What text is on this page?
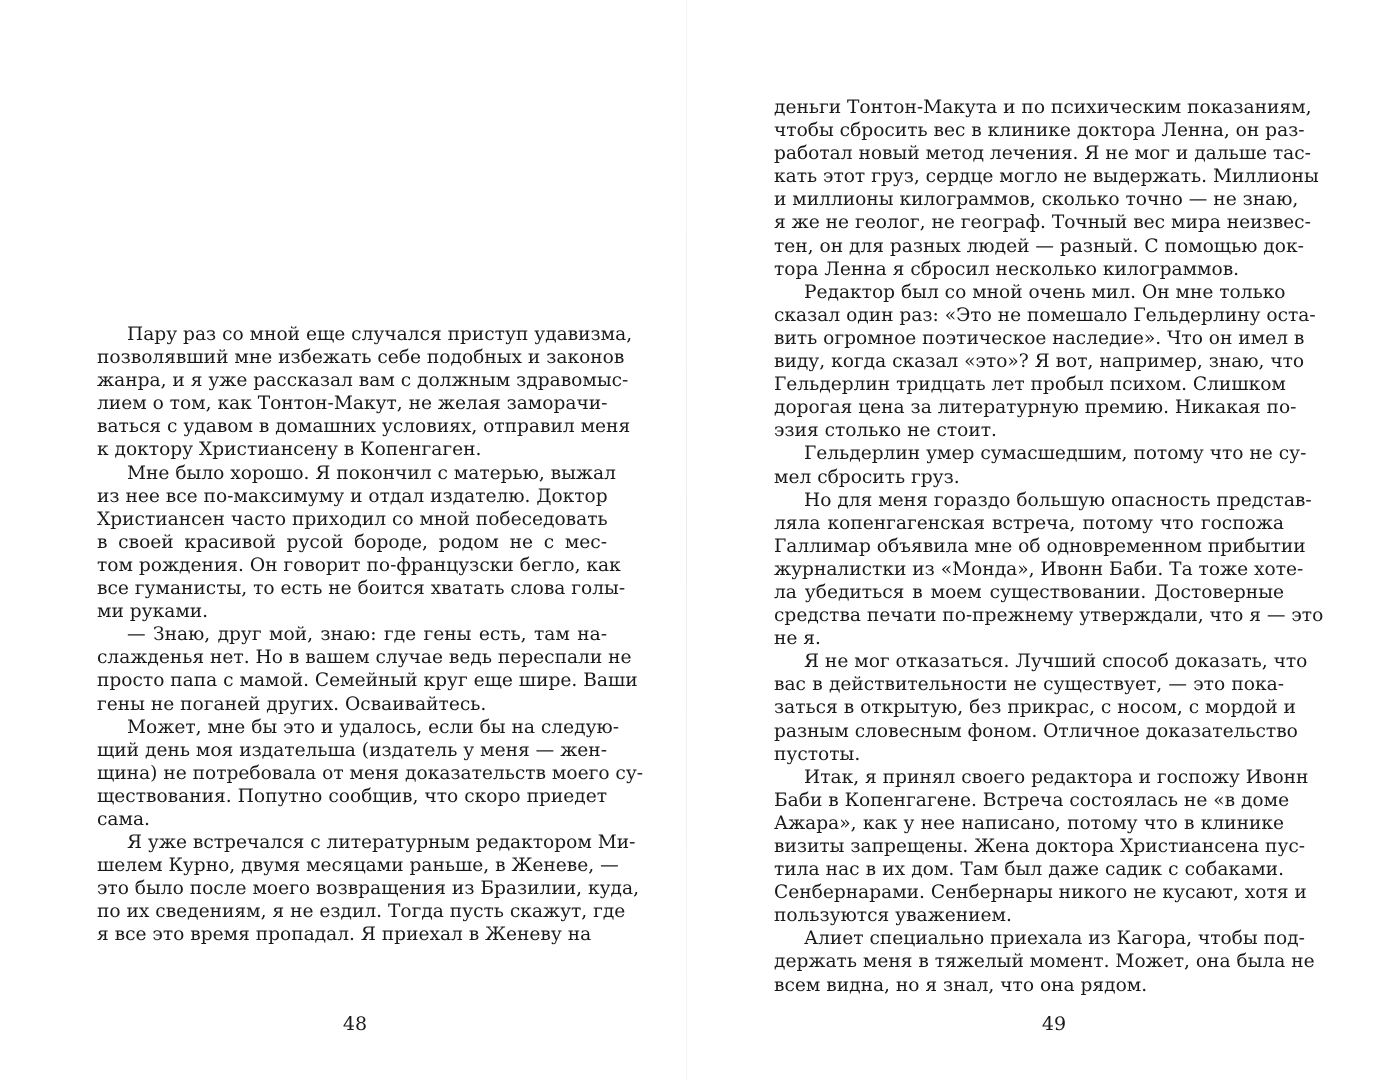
Пару раз со мной еще случался приступ удавизма,
позволявший мне избежать себе подобных и законов
жанра, и я уже рассказал вам с должным здравомыс-
лием о том, как Тонтон-Макут, не желая заморачи-
ваться с удавом в домашних условиях, отправил меня
к доктору Христиансену в Копенгаген.
Мне было хорошо. Я покончил с матерью, выжал
из нее все по-максимуму и отдал издателю. Доктор
Христиансен часто приходил со мной побеседовать
в своей красивой русой бороде, родом не с мес-
том рождения. Он говорит по-французски бегло, как
все гуманисты, то есть не боится хватать слова голы-
ми руками.
— Знаю, друг мой, знаю: где гены есть, там на-
слажденья нет. Но в вашем случае ведь переспали не
просто папа с мамой. Семейный круг еще шире. Ваши
гены не поганей других. Осваивайтесь.
Может, мне бы это и удалось, если бы на следую-
щий день моя издательша (издатель у меня — жен-
щина) не потребовала от меня доказательств моего су-
ществования. Попутно сообщив, что скоро приедет
сама.
Я уже встречался с литературным редактором Ми-
шелем Курно, двумя месяцами раньше, в Женеве, —
это было после моего возвращения из Бразилии, куда,
по их сведениям, я не ездил. Тогда пусть скажут, где
я все это время пропадал. Я приехал в Женеву на
48
деньги Тонтон-Макута и по психическим показаниям,
чтобы сбросить вес в клинике доктора Ленна, он раз-
работал новый метод лечения. Я не мог и дальше тас-
кать этот груз, сердце могло не выдержать. Миллионы
и миллионы килограммов, сколько точно — не знаю,
я же не геолог, не географ. Точный вес мира неизвес-
тен, он для разных людей — разный. С помощью док-
тора Ленна я сбросил несколько килограммов.
Редактор был со мной очень мил. Он мне только
сказал один раз: «Это не помешало Гельдерлину оста-
вить огромное поэтическое наследие». Что он имел в
виду, когда сказал «это»? Я вот, например, знаю, что
Гельдерлин тридцать лет пробыл психом. Слишком
дорогая цена за литературную премию. Никакая по-
эзия столько не стоит.
Гельдерлин умер сумасшедшим, потому что не су-
мел сбросить груз.
Но для меня гораздо большую опасность представ-
ляла копенгагенская встреча, потому что госпожа
Галлимар объявила мне об одновременном прибытии
журналистки из «Монда», Ивонн Баби. Та тоже хоте-
ла убедиться в моем существовании. Достоверные
средства печати по-прежнему утверждали, что я — это
не я.
Я не мог отказаться. Лучший способ доказать, что
вас в действительности не существует, — это пока-
заться в открытую, без прикрас, с носом, с мордой и
разным словесным фоном. Отличное доказательство
пустоты.
Итак, я принял своего редактора и госпожу Ивонн
Баби в Копенгагене. Встреча состоялась не «в доме
Ажара», как у нее написано, потому что в клинике
визиты запрещены. Жена доктора Христиансена пус-
тила нас в их дом. Там был даже садик с собаками.
Сенбернарами. Сенбернары никого не кусают, хотя и
пользуются уважением.
Алиет специально приехала из Кагора, чтобы под-
держать меня в тяжелый момент. Может, она была не
всем видна, но я знал, что она рядом.
49
